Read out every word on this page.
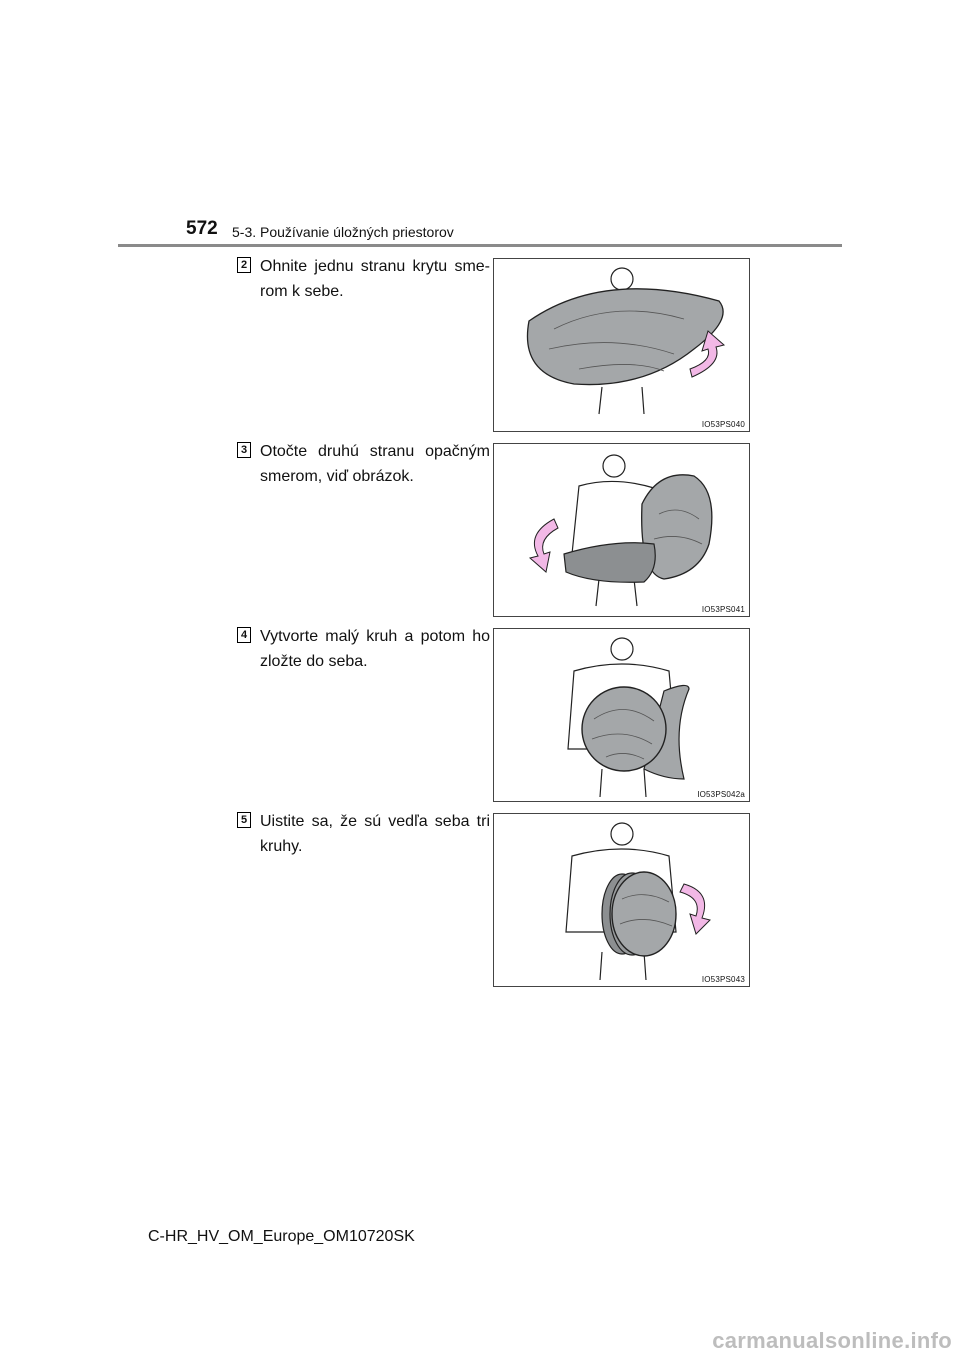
572 5-3. Používanie úložných priestorov
2 Ohnite jednu stranu krytu sme- rom k sebe.
IO53PS040
3 Otočte druhú stranu opačným smerom, viď obrázok.
IO53PS041
4 Vytvorte malý kruh a potom ho zložte do seba.
IO53PS042a
5 Uistite sa, že sú vedľa seba tri kruhy.
IO53PS043
C-HR_HV_OM_Europe_OM10720SK
carmanualsonline.info
